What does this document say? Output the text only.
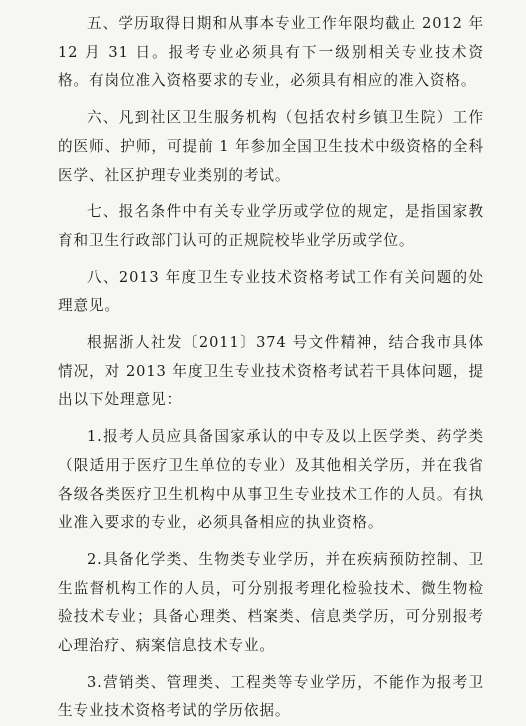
五、学历取得日期和从事本专业工作年限均截止 2012 年 12 月 31 日。报考专业必须具有下一级别相关专业技术资格。有岗位准入资格要求的专业，必须具有相应的准入资格。

六、凡到社区卫生服务机构（包括农村乡镇卫生院）工作的医师、护师，可提前 1 年参加全国卫生技术中级资格的全科医学、社区护理专业类别的考试。

七、报名条件中有关专业学历或学位的规定，是指国家教育和卫生行政部门认可的正规院校毕业学历或学位。

八、2013 年度卫生专业技术资格考试工作有关问题的处理意见。

根据浙人社发〔2011〕374 号文件精神，结合我市具体情况，对 2013 年度卫生专业技术资格考试若干具体问题，提出以下处理意见：

1.报考人员应具备国家承认的中专及以上医学类、药学类（限适用于医疗卫生单位的专业）及其他相关学历，并在我省各级各类医疗卫生机构中从事卫生专业技术工作的人员。有执业准入要求的专业，必须具备相应的执业资格。

2.具备化学类、生物类专业学历，并在疾病预防控制、卫生监督机构工作的人员，可分别报考理化检验技术、微生物检验技术专业；具备心理类、档案类、信息类学历，可分别报考心理治疗、病案信息技术专业。

3.营销类、管理类、工程类等专业学历，不能作为报考卫生专业技术资格考试的学历依据。
